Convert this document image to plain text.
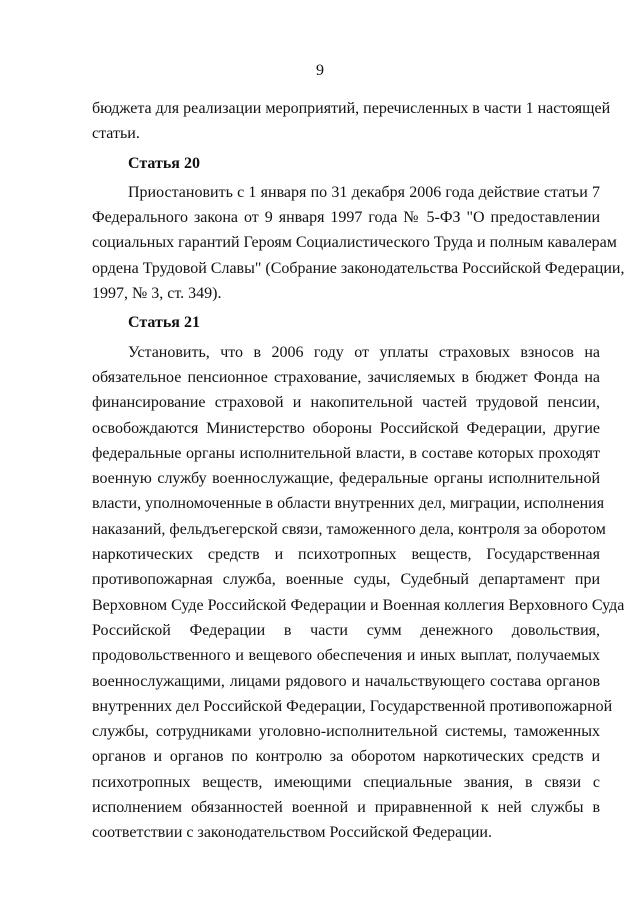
9
бюджета для реализации мероприятий, перечисленных в части 1 настоящей
статьи.
Статья 20
Приостановить с 1 января по 31 декабря 2006 года действие статьи 7
Федерального закона от 9 января 1997 года № 5-ФЗ "О предоставлении
социальных гарантий Героям Социалистического Труда и полным кавалерам
ордена Трудовой Славы" (Собрание законодательства Российской Федерации,
1997, № 3, ст. 349).
Статья 21
Установить, что в 2006 году от уплаты страховых взносов на
обязательное пенсионное страхование, зачисляемых в бюджет Фонда на
финансирование страховой и накопительной частей трудовой пенсии,
освобождаются Министерство обороны Российской Федерации, другие
федеральные органы исполнительной власти, в составе которых проходят
военную службу военнослужащие, федеральные органы исполнительной
власти, уполномоченные в области внутренних дел, миграции, исполнения
наказаний, фельдъегерской связи, таможенного дела, контроля за оборотом
наркотических средств и психотропных веществ, Государственная
противопожарная служба, военные суды, Судебный департамент при
Верховном Суде Российской Федерации и Военная коллегия Верховного Суда
Российской Федерации в части сумм денежного довольствия,
продовольственного и вещевого обеспечения и иных выплат, получаемых
военнослужащими, лицами рядового и начальствующего состава органов
внутренних дел Российской Федерации, Государственной противопожарной
службы, сотрудниками уголовно-исполнительной системы, таможенных
органов и органов по контролю за оборотом наркотических средств и
психотропных веществ, имеющими специальные звания, в связи с
исполнением обязанностей военной и приравненной к ней службы в
соответствии с законодательством Российской Федерации.
